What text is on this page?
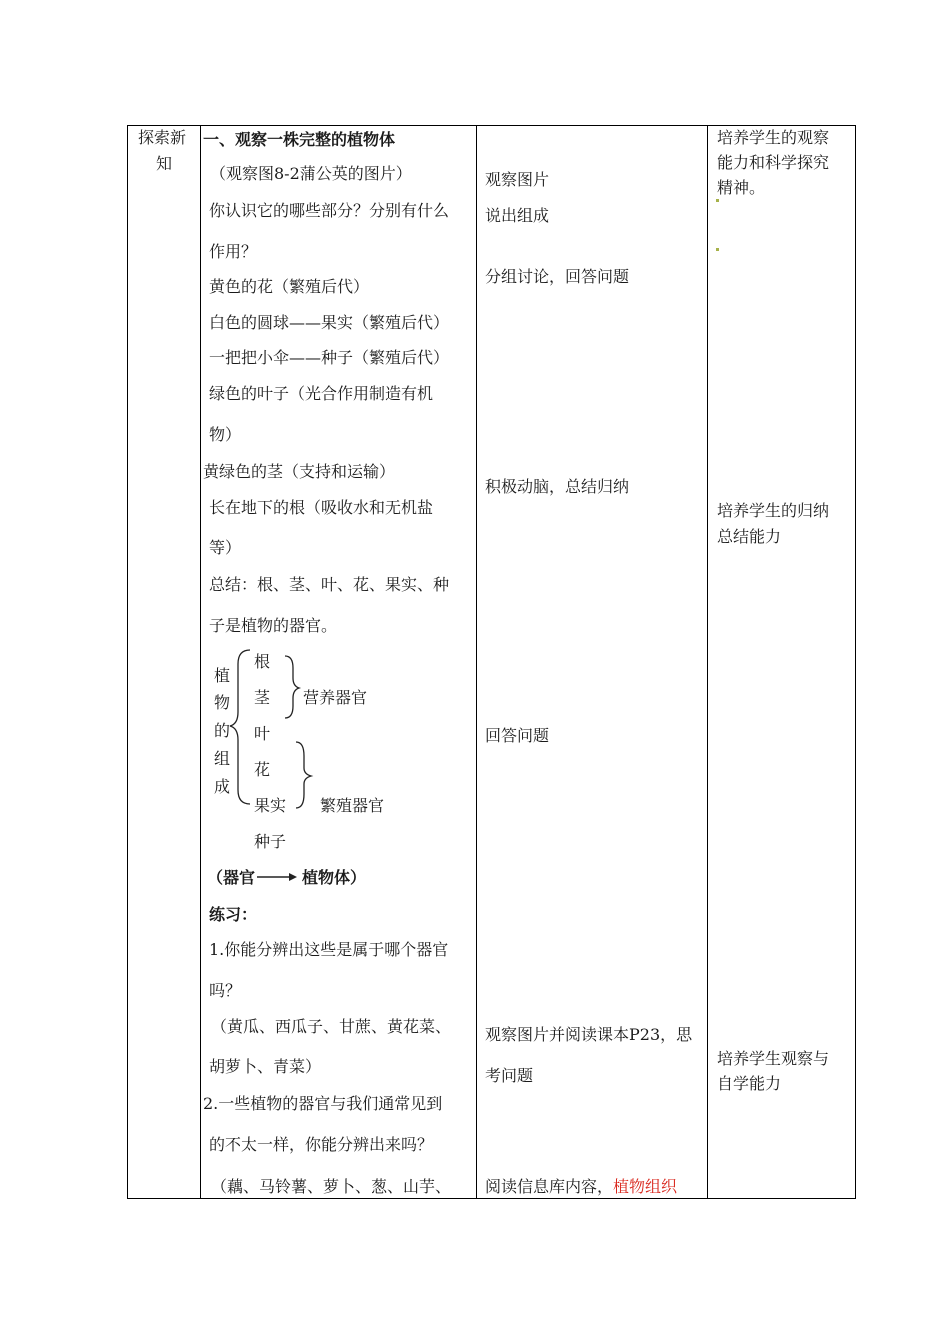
探索新
知
一、观察一株完整的植物体
（观察图8-2蒲公英的图片）
你认识它的哪些部分？分别有什么
作用？
黄色的花（繁殖后代）
白色的圆球——果实（繁殖后代）
一把把小伞——种子（繁殖后代）
绿色的叶子（光合作用制造有机
物）
黄绿色的茎（支持和运输）
长在地下的根（吸收水和无机盐
等）
总结：根、茎、叶、花、果实、种
子是植物的器官。
植
物
的
组
成
根
茎
叶
花
果实
种子
营养器官
繁殖器官
（器官	植物体）
练习：
1.你能分辨出这些是属于哪个器官
吗？
（黄瓜、西瓜子、甘蔗、黄花菜、
胡萝卜、青菜）
2.一些植物的器官与我们通常见到
的不太一样，你能分辨出来吗？
（藕、马铃薯、萝卜、葱、山芋、
观察图片
说出组成
分组讨论，回答问题
积极动脑，总结归纳
回答问题
观察图片并阅读课本P23，思
考问题
阅读信息库内容，植物组织
培养学生的观察
能力和科学探究
精神。
培养学生的归纳
总结能力
培养学生观察与
自学能力
